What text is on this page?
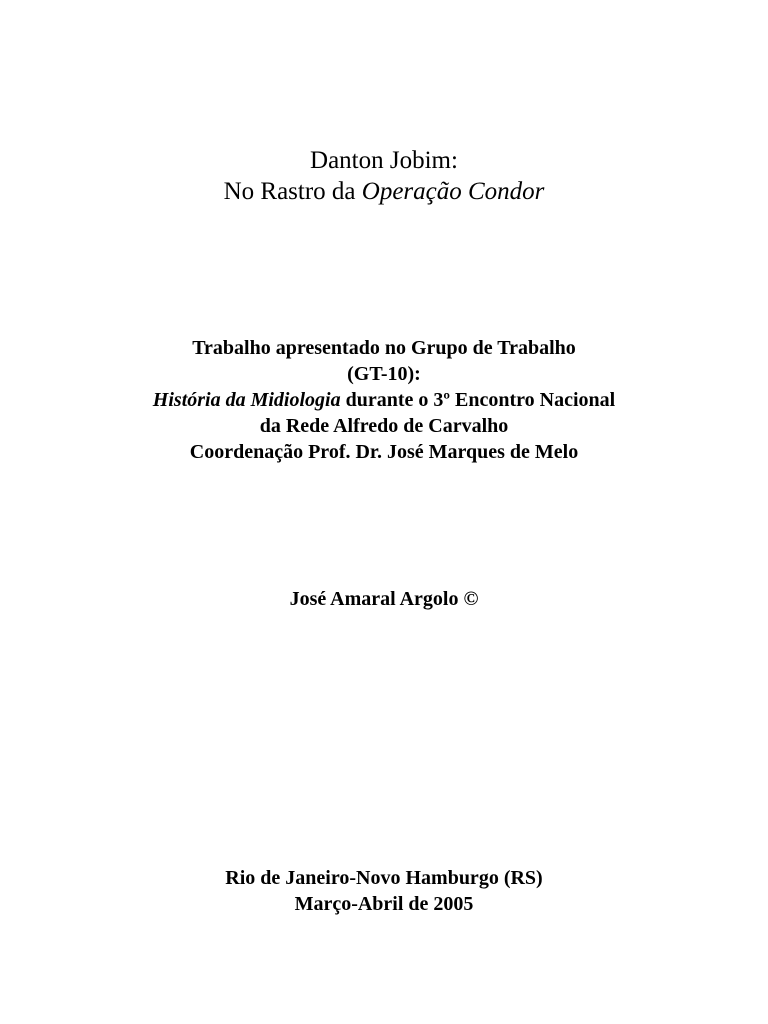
Danton Jobim:
No Rastro da Operação Condor
Trabalho apresentado no Grupo de Trabalho
(GT-10):
História da Midiologia durante o 3º Encontro Nacional
da Rede Alfredo de Carvalho
Coordenação Prof. Dr. José Marques de Melo
José Amaral Argolo ©
Rio de Janeiro-Novo Hamburgo (RS)
Março-Abril de 2005
